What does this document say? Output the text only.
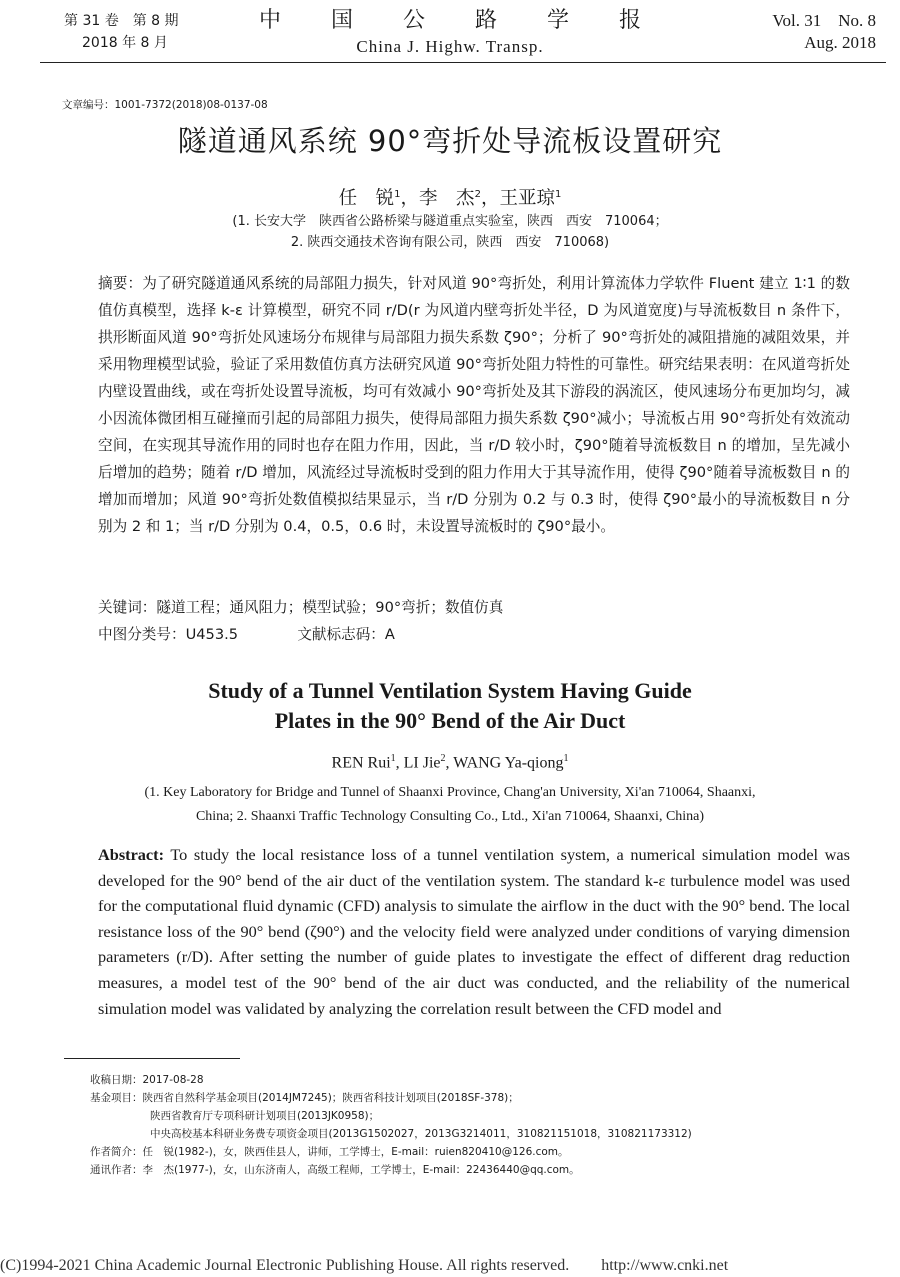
第 31 卷　第 8 期
2018 年 8 月
中　国　公　路　学　报
China J. Highw. Transp.
Vol. 31　No. 8
Aug. 2018
文章编号：1001-7372(2018)08-0137-08
隧道通风系统 90°弯折处导流板设置研究
任　锐$^1$，李　杰$^2$，王亚琼$^1$
(1. 长安大学　陕西省公路桥梁与隧道重点实验室，陕西　西安　710064；
2. 陕西交通技术咨询有限公司，陕西　西安　710068)
摘要：为了研究隧道通风系统的局部阻力损失，针对风道 90°弯折处，利用计算流体力学软件 Fluent 建立 1∶1 的数值仿真模型，选择 k-ε 计算模型，研究不同 r/D(r 为风道内壁弯折处半径，D 为风道宽度)与导流板数目 n 条件下，拱形断面风道 90°弯折处风速场分布规律与局部阻力损失系数 ζ90°；分析了 90°弯折处的减阻措施的减阻效果，并采用物理模型试验，验证了采用数值仿真方法研究风道 90°弯折处阻力特性的可靠性。研究结果表明：在风道弯折处内壁设置曲线，或在弯折处设置导流板，均可有效减小 90°弯折处及其下游段的涡流区，使风速场分布更加均匀，减小因流体微团相互碰撞而引起的局部阻力损失，使得局部阻力损失系数 ζ90°减小；导流板占用 90°弯折处有效流动空间，在实现其导流作用的同时也存在阻力作用，因此，当 r/D 较小时，ζ90°随着导流板数目 n 的增加，呈先减小后增加的趋势；随着 r/D 增加，风流经过导流板时受到的阻力作用大于其导流作用，使得 ζ90°随着导流板数目 n 的增加而增加；风道 90°弯折处数值模拟结果显示，当 r/D 分别为 0.2 与 0.3 时，使得 ζ90°最小的导流板数目 n 分别为 2 和 1；当 r/D 分别为 0.4，0.5，0.6 时，未设置导流板时的 ζ90°最小。
关键词：隧道工程；通风阻力；模型试验；90°弯折；数值仿真
中图分类号：U453.5	文献标志码：A
Study of a Tunnel Ventilation System Having Guide
Plates in the 90° Bend of the Air Duct
REN Rui$^1$, LI Jie$^2$, WANG Ya-qiong$^1$
(1. Key Laboratory for Bridge and Tunnel of Shaanxi Province, Chang'an University, Xi'an 710064, Shaanxi,
China; 2. Shaanxi Traffic Technology Consulting Co., Ltd., Xi'an 710064, Shaanxi, China)
Abstract: To study the local resistance loss of a tunnel ventilation system, a numerical simulation model was developed for the 90° bend of the air duct of the ventilation system. The standard k-ε turbulence model was used for the computational fluid dynamic (CFD) analysis to simulate the airflow in the duct with the 90° bend. The local resistance loss of the 90° bend (ζ90°) and the velocity field were analyzed under conditions of varying dimension parameters (r/D). After setting the number of guide plates to investigate the effect of different drag reduction measures, a model test of the 90° bend of the air duct was conducted, and the reliability of the numerical simulation model was validated by analyzing the correlation result between the CFD model and
收稿日期：2017-08-28
基金项目：陕西省自然科学基金项目(2014JM7245)；陕西省科技计划项目(2018SF-378)；
陕西省教育厅专项科研计划项目(2013JK0958)；
中央高校基本科研业务费专项资金项目(2013G1502027，2013G3214011，310821151018，310821173312)
作者简介：任　锐(1982-)，女，陕西佳县人，讲师，工学博士，E-mail：ruien820410@126.com。
通讯作者：李　杰(1977-)，女，山东济南人，高级工程师，工学博士，E-mail：22436440@qq.com。
(C)1994-2021 China Academic Journal Electronic Publishing House. All rights reserved.　　http://www.cnki.net
